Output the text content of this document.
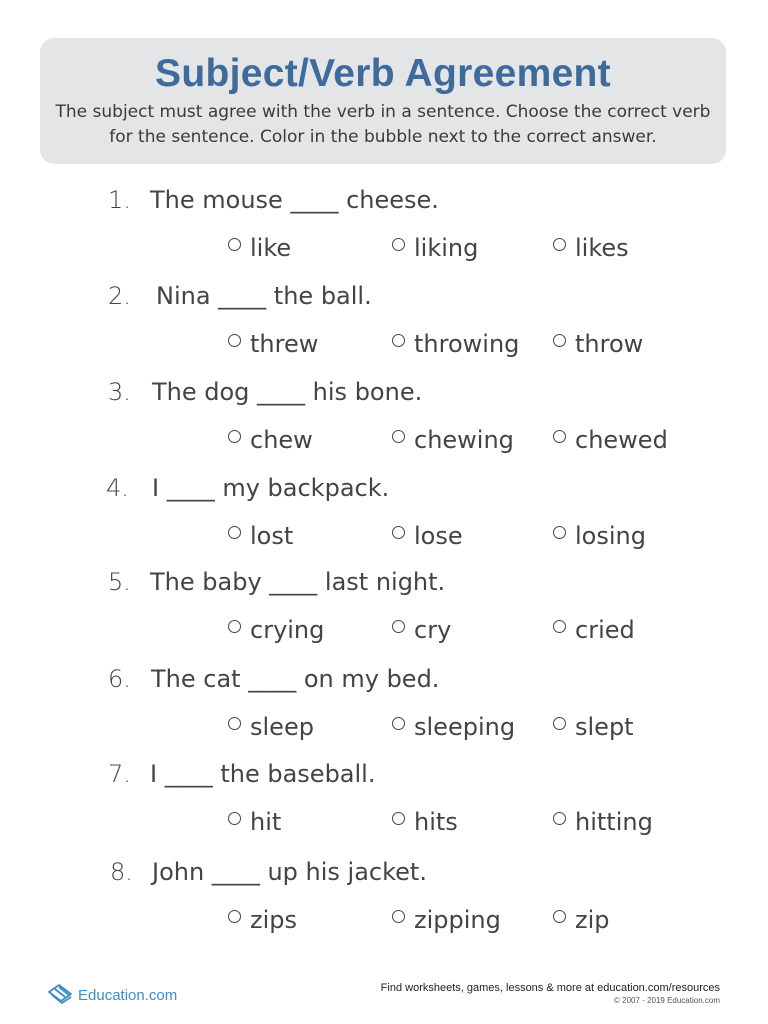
Subject/Verb Agreement
The subject must agree with the verb in a sentence. Choose the correct verb
for the sentence. Color in the bubble next to the correct answer.
1. The mouse ____ cheese.
like	liking	likes
2. Nina ____ the ball.
threw	throwing throw
3. The dog ____ his bone.
chew	chewing	chewed
4. I ____ my backpack.
lost	lose	losing
5. The baby ____ last night.
crying	cry	cried
6. The cat ____ on my bed.
sleep	sleeping slept
7. I ____ the baseball.
hit	hits	hitting
8. John ____ up his jacket.
zips	zipping	zip
Education.com	Find worksheets, games, lessons & more at education.com/resources
© 2007 - 2019 Education.com
